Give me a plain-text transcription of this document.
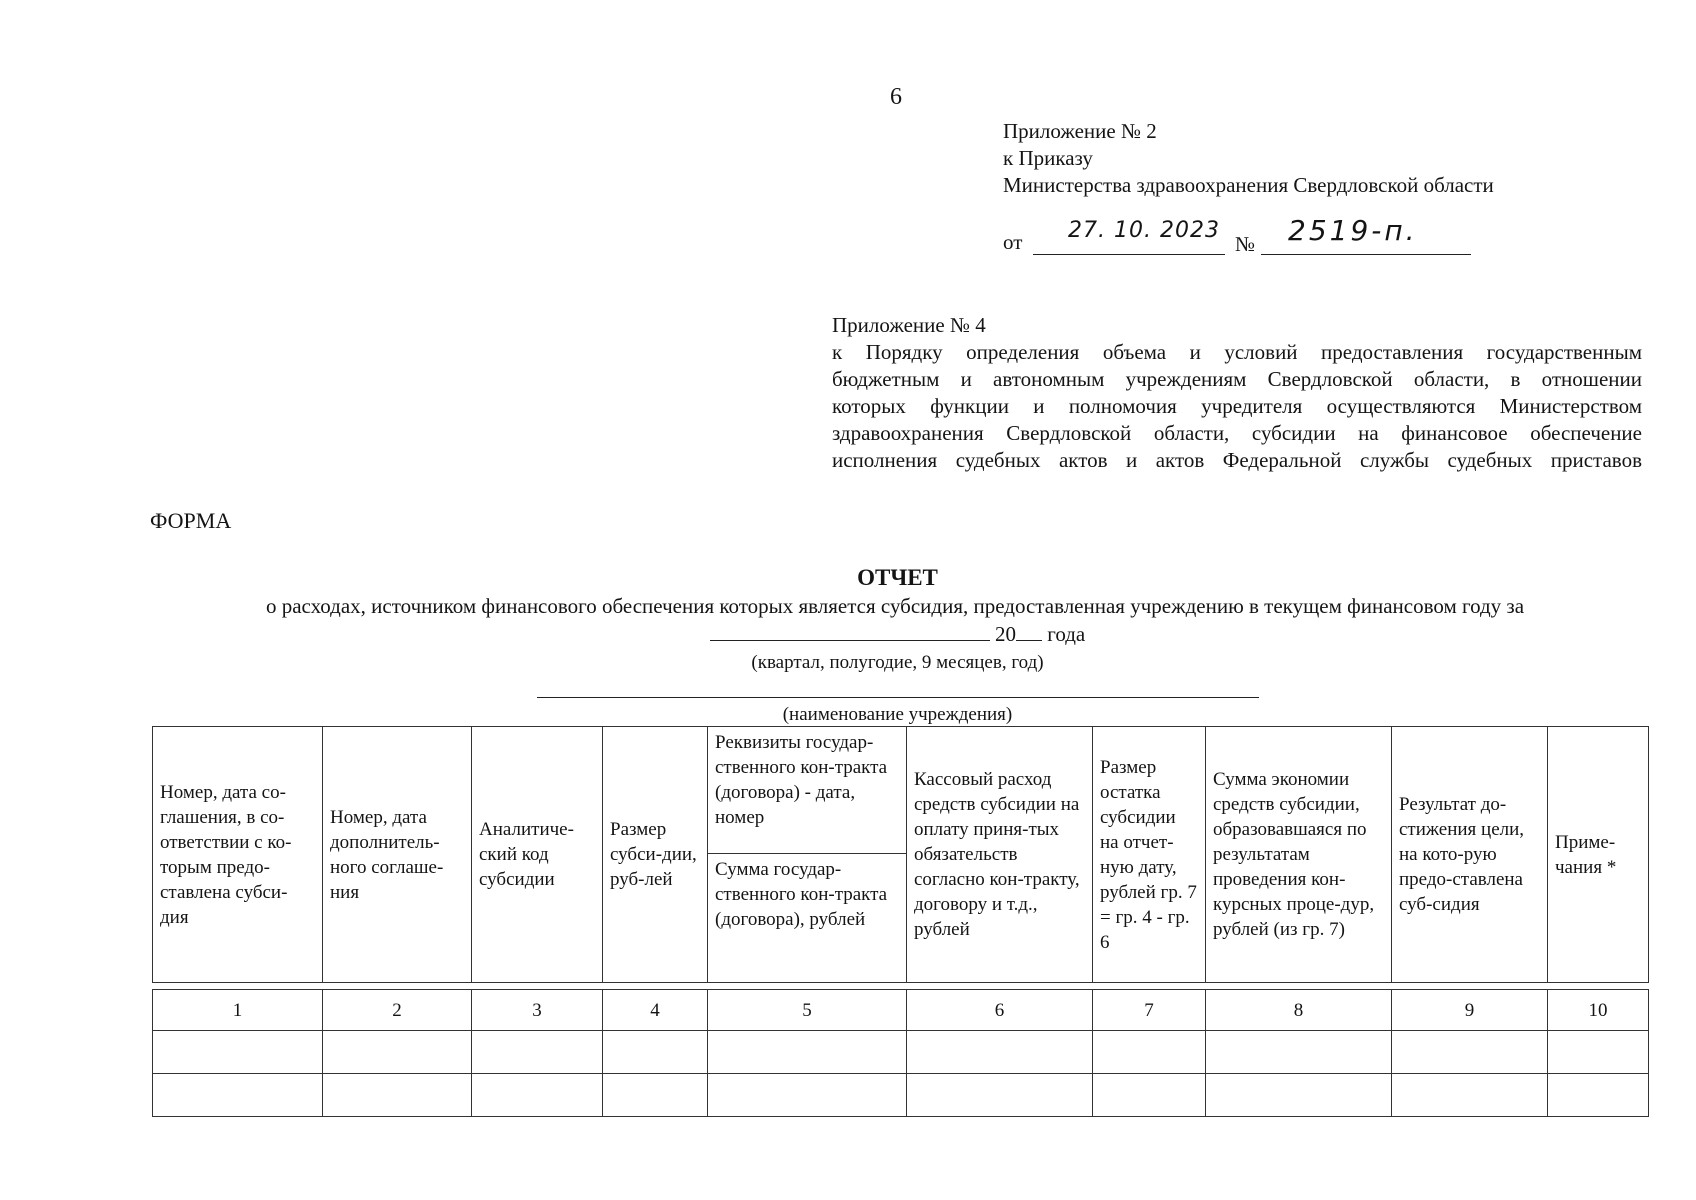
6
Приложение № 2
к Приказу
Министерства здравоохранения Свердловской области
от 27. 10. 2023
№ 2519-п.
Приложение № 4
к Порядку определения объема и условий предоставления государственным
бюджетным и автономным учреждениям Свердловской области, в отношении
которых функции и полномочия учредителя осуществляются Министерством
здравоохранения Свердловской области, субсидии на финансовое обеспечение
исполнения судебных актов и актов Федеральной службы судебных приставов
ФОРМА
ОТЧЕТ
о расходах, источником финансового обеспечения которых является субсидия, предоставленная учреждению в текущем финансовом году за
20 года
(квартал, полугодие, 9 месяцев, год)
(наименование учреждения)
Номер, дата со-глашения, в со-ответствии с ко-торым предо-ставлена субси-дия	Номер, дата дополнитель-ного соглаше-ния	Аналитиче-ский код субсидии	Размер субси-дии, руб-лей	Реквизиты государ-ственного кон-тракта (договора) - дата, номер	Кассовый расход средств субсидии на оплату приня-тых обязательств согласно кон-тракту, договору и т.д., рублей	Размер остатка субсидии на отчет-ную дату, рублей гр. 7 = гр. 4 - гр. 6	Сумма экономии средств субсидии, образовавшаяся по результатам проведения кон-курсных проце-дур, рублей (из гр. 7)	Результат до-стижения цели, на кото-рую предо-ставлена суб-сидия	Приме-чания *
				Сумма государ-ственного кон-тракта (договора), рублей					

1	2	3	4	5	6	7	8	9	10
